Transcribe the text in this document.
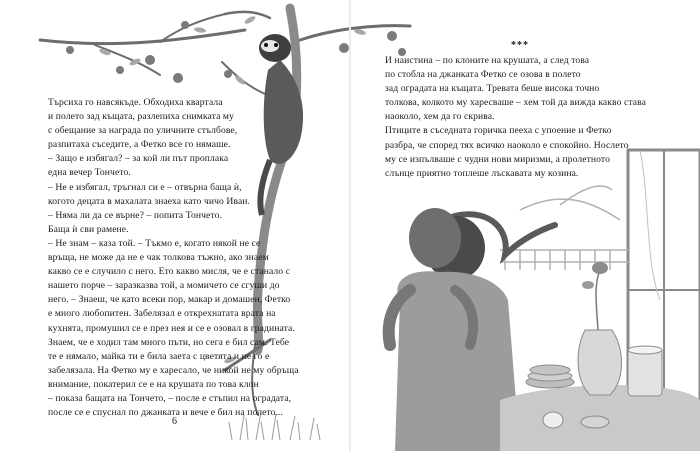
Търсиха го навсякъде. Обходиха квартала

и полето зад къщата, разлепиха снимката му

с обещание за награда по уличните стълбове,

разпитаха съседите, а Фетко все го нямаше.

– Защо е избягал? – за кой ли път проплака

една вечер Тончето.

– Не е избягал, тръгнал си е – отвърна баща ѝ,

когото децата в махалата знаеха като чичо Иван.

– Няма ли да се върне? – попита Тончето.

Баща ѝ сви рамене.

– Не знам – каза той. – Тъкмо е, когато някой не се

връща, не може да не е чак толкова тъжно, ако знаем

какво се е случило с него. Ето какво мисля, че е станало с

нашето порче – заразказва той, а момичето се сгуши до

него. – Знаеш, че като всеки пор, макар и домашен, Фетко

е много любопитен. Забелязал е открехнатата врата на

кухнята, промушил се е през нея и се е озовал в градината.

Знаем, че е ходил там много пъти, но сега е бил сам. Тебе

те е нямало, майка ти е била заета с цветята и не го е

забелязала. На Фетко му е харесало, че никой не му обръща

внимание, покатерил се е на крушата по това клон

– показа бащата на Тончето, – после е стъпил на оградата,

после се е спуснал по джанката и вече е бил на полето...

6
***

И наистина – по клоните на крушата, а след това

по стобла на джанката Фетко се озова в полето

зад оградата на къщата. Тревата беше висока точно

толкова, колкото му харесваше – хем той да вижда какво става

наоколо, хем да го скрива.

Птиците в съседната горичка пееха с упоение и Фетко

разбра, че според тях всичко наоколо е спокойно. Нослето

му се изпълваше с чудни нови миризми, а пролетното

слънце приятно топлеше лъскавата му козина.
